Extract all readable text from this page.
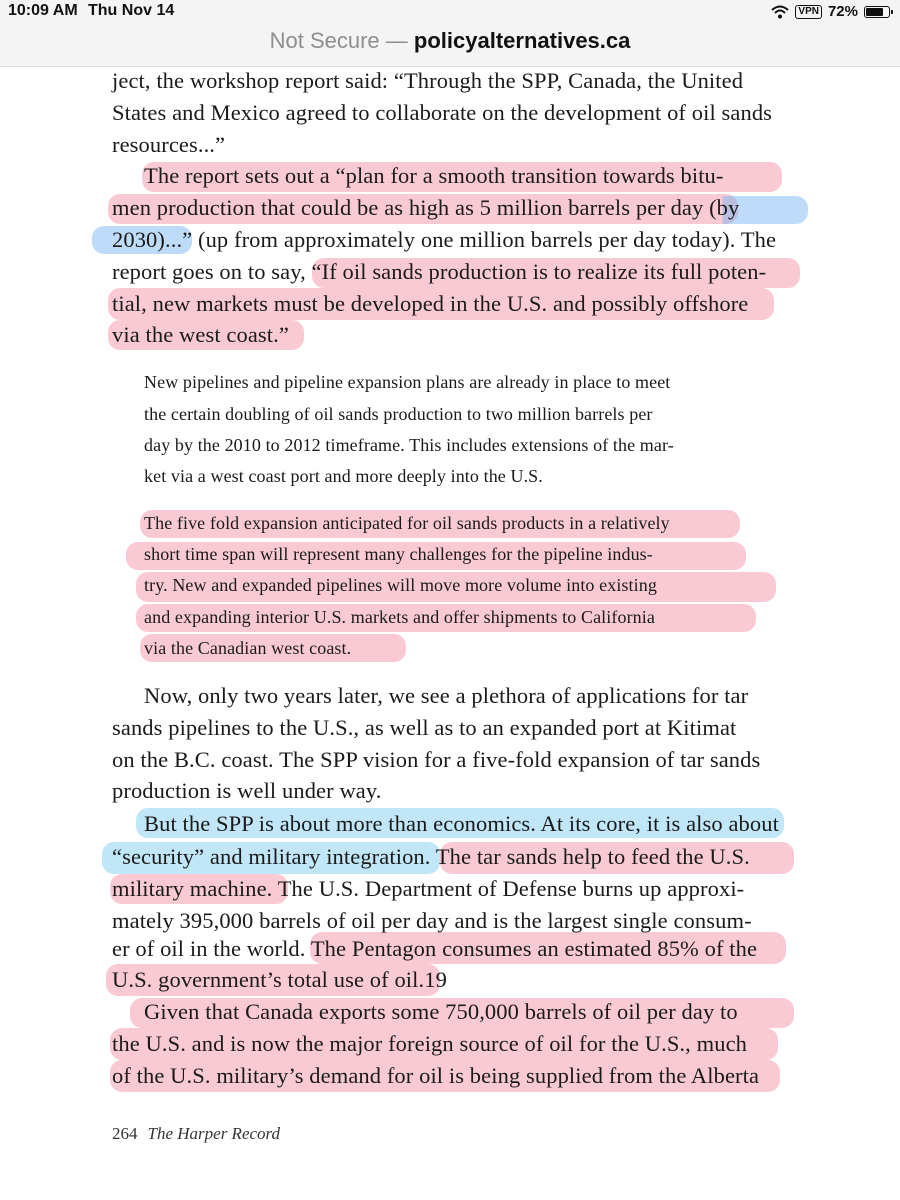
10:09 AM Thu Nov 14	VPN 72%
Not Secure — policyalternatives.ca
ject, the workshop report said: “Through the SPP, Canada, the United
States and Mexico agreed to collaborate on the development of oil sands
resources...”
The report sets out a “plan for a smooth transition towards bitu-
men production that could be as high as 5 million barrels per day (by
2030)...” (up from approximately one million barrels per day today). The
report goes on to say, “If oil sands production is to realize its full poten-
tial, new markets must be developed in the U.S. and possibly offshore
via the west coast.”
New pipelines and pipeline expansion plans are already in place to meet
the certain doubling of oil sands production to two million barrels per
day by the 2010 to 2012 timeframe. This includes extensions of the mar-
ket via a west coast port and more deeply into the U.S.
The five fold expansion anticipated for oil sands products in a relatively
short time span will represent many challenges for the pipeline indus-
try. New and expanded pipelines will move more volume into existing
and expanding interior U.S. markets and offer shipments to California
via the Canadian west coast.
Now, only two years later, we see a plethora of applications for tar
sands pipelines to the U.S., as well as to an expanded port at Kitimat
on the B.C. coast. The SPP vision for a five-fold expansion of tar sands
production is well under way.
But the SPP is about more than economics. At its core, it is also about
“security” and military integration. The tar sands help to feed the U.S.
military machine. The U.S. Department of Defense burns up approxi-
mately 395,000 barrels of oil per day and is the largest single consum-
er of oil in the world. The Pentagon consumes an estimated 85% of the
U.S. government’s total use of oil.19
Given that Canada exports some 750,000 barrels of oil per day to
the U.S. and is now the major foreign source of oil for the U.S., much
of the U.S. military’s demand for oil is being supplied from the Alberta
264 The Harper Record
